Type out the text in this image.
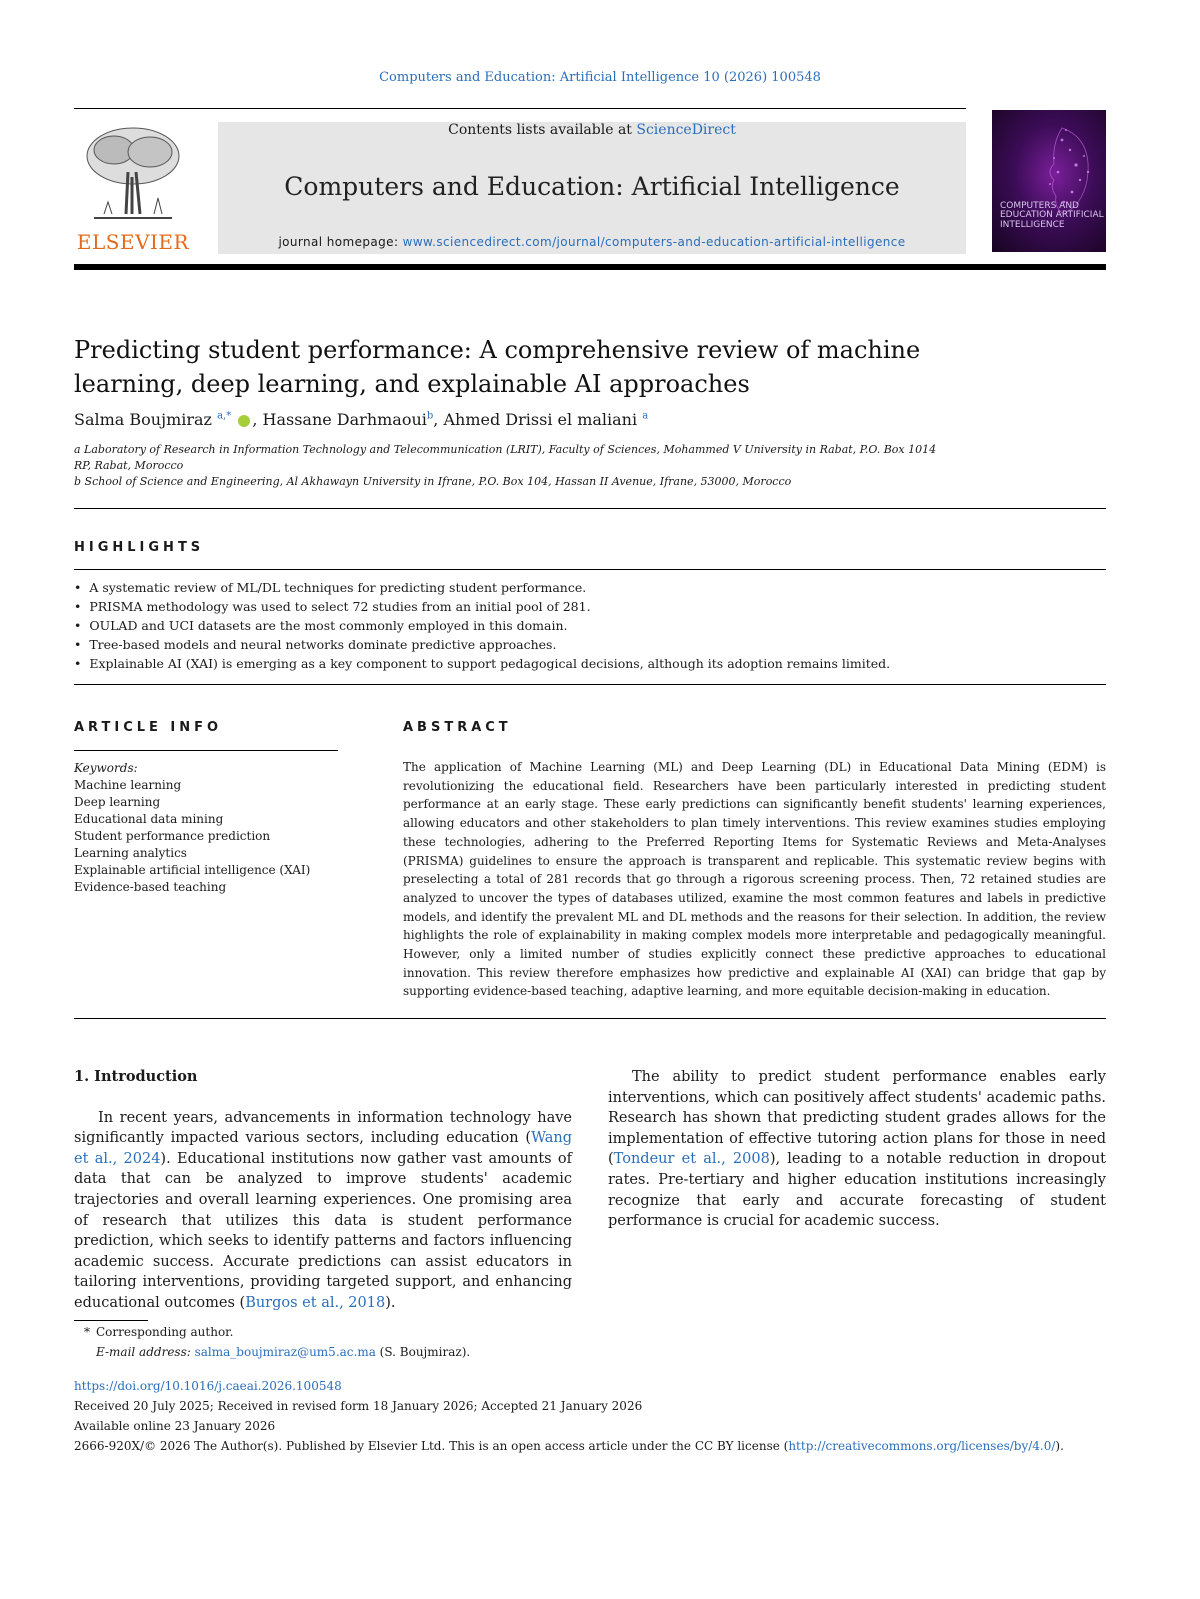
Computers and Education: Artificial Intelligence 10 (2026) 100548
ELSEVIER
Contents lists available at ScienceDirect
Computers and Education: Artificial Intelligence
journal homepage: www.sciencedirect.com/journal/computers-and-education-artificial-intelligence
COMPUTERS AND EDUCATION ARTIFICIAL INTELLIGENCE
Predicting student performance: A comprehensive review of machine learning, deep learning, and explainable AI approaches
Salma Boujmiraz $^{a,*}$ , Hassane Darhmaoui$^b$, Ahmed Drissi el maliani $^a$
a Laboratory of Research in Information Technology and Telecommunication (LRIT), Faculty of Sciences, Mohammed V University in Rabat, P.O. Box 1014 RP, Rabat, Morocco
b School of Science and Engineering, Al Akhawayn University in Ifrane, P.O. Box 104, Hassan II Avenue, Ifrane, 53000, Morocco
HIGHLIGHTS
•  A systematic review of ML/DL techniques for predicting student performance.
•  PRISMA methodology was used to select 72 studies from an initial pool of 281.
•  OULAD and UCI datasets are the most commonly employed in this domain.
•  Tree-based models and neural networks dominate predictive approaches.
•  Explainable AI (XAI) is emerging as a key component to support pedagogical decisions, although its adoption remains limited.
ARTICLE INFO	ABSTRACT
Keywords:
Machine learning
Deep learning
Educational data mining
Student performance prediction
Learning analytics
Explainable artificial intelligence (XAI)
Evidence-based teaching

The application of Machine Learning (ML) and Deep Learning (DL) in Educational Data Mining (EDM) is revolutionizing the educational field. Researchers have been particularly interested in predicting student performance at an early stage. These early predictions can significantly benefit students' learning experiences, allowing educators and other stakeholders to plan timely interventions. This review examines studies employing these technologies, adhering to the Preferred Reporting Items for Systematic Reviews and Meta-Analyses (PRISMA) guidelines to ensure the approach is transparent and replicable. This systematic review begins with preselecting a total of 281 records that go through a rigorous screening process. Then, 72 retained studies are analyzed to uncover the types of databases utilized, examine the most common features and labels in predictive models, and identify the prevalent ML and DL methods and the reasons for their selection. In addition, the review highlights the role of explainability in making complex models more interpretable and pedagogically meaningful. However, only a limited number of studies explicitly connect these predictive approaches to educational innovation. This review therefore emphasizes how predictive and explainable AI (XAI) can bridge that gap by supporting evidence-based teaching, adaptive learning, and more equitable decision-making in education.

1. Introduction

In recent years, advancements in information technology have significantly impacted various sectors, including education (Wang et al., 2024). Educational institutions now gather vast amounts of data that can be analyzed to improve students' academic trajectories and overall learning experiences. One promising area of research that utilizes this data is student performance prediction, which seeks to identify patterns and factors influencing academic success. Accurate predictions can assist educators in tailoring interventions, providing targeted support, and enhancing educational outcomes (Burgos et al., 2018).

The ability to predict student performance enables early interventions, which can positively affect students' academic paths. Research has shown that predicting student grades allows for the implementation of effective tutoring action plans for those in need (Tondeur et al., 2008), leading to a notable reduction in dropout rates. Pre-tertiary and higher education institutions increasingly recognize that early and accurate forecasting of student performance is crucial for academic success.

* Corresponding author.
E-mail address: salma_boujmiraz@um5.ac.ma (S. Boujmiraz).
https://doi.org/10.1016/j.caeai.2026.100548
Received 20 July 2025; Received in revised form 18 January 2026; Accepted 21 January 2026
Available online 23 January 2026
2666-920X/© 2026 The Author(s). Published by Elsevier Ltd. This is an open access article under the CC BY license (http://creativecommons.org/licenses/by/4.0/).
